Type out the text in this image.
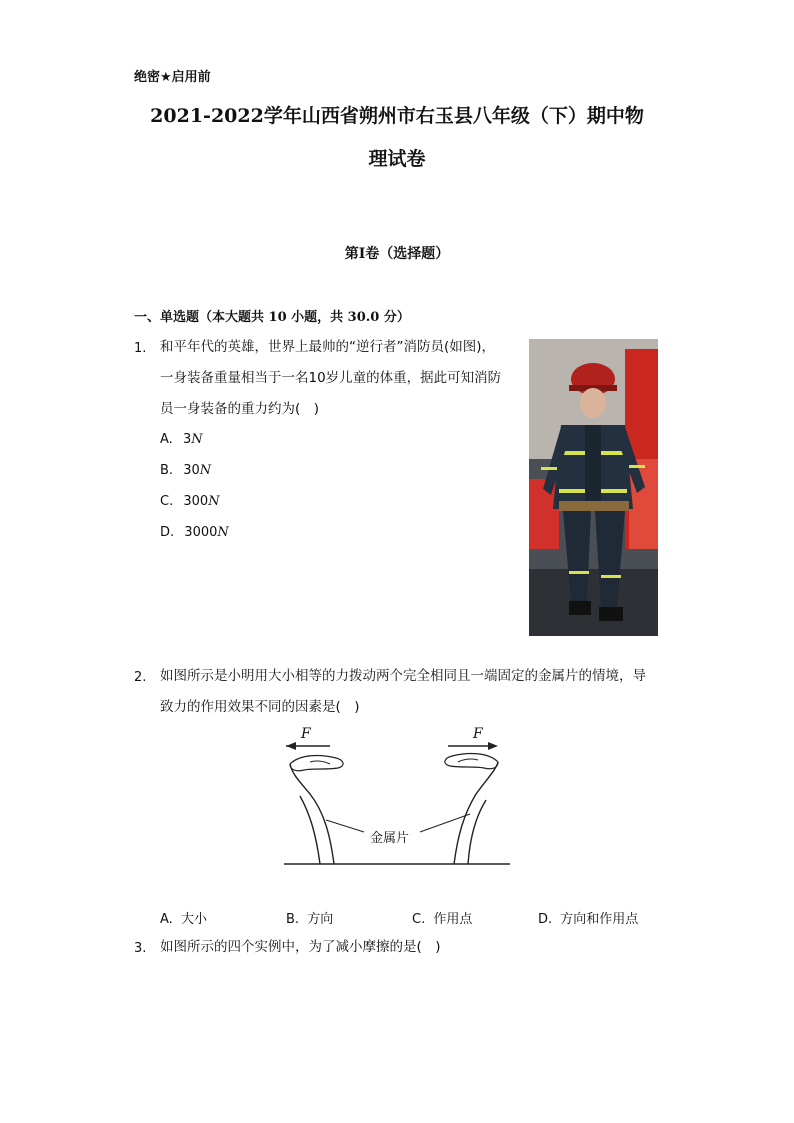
绝密★启用前
2021-2022学年山西省朔州市右玉县八年级（下）期中物
理试卷
第I卷（选择题）
一、单选题（本大题共 10 小题，共 30.0 分）
1. 和平年代的英雄，世界上最帅的“逆行者”消防员(如图)，
一身装备重量相当于一名10岁儿童的体重，据此可知消防
员一身装备的重力约为(　)
A. 3N
B. 30N
C. 300N
D. 3000N
2. 如图所示是小明用大小相等的力拨动两个完全相同且一端固定的金属片的情境，导
致力的作用效果不同的因素是(　)
F	F
金属片
A. 大小	B. 方向	C. 作用点	D. 方向和作用点
3. 如图所示的四个实例中，为了减小摩擦的是(　)
